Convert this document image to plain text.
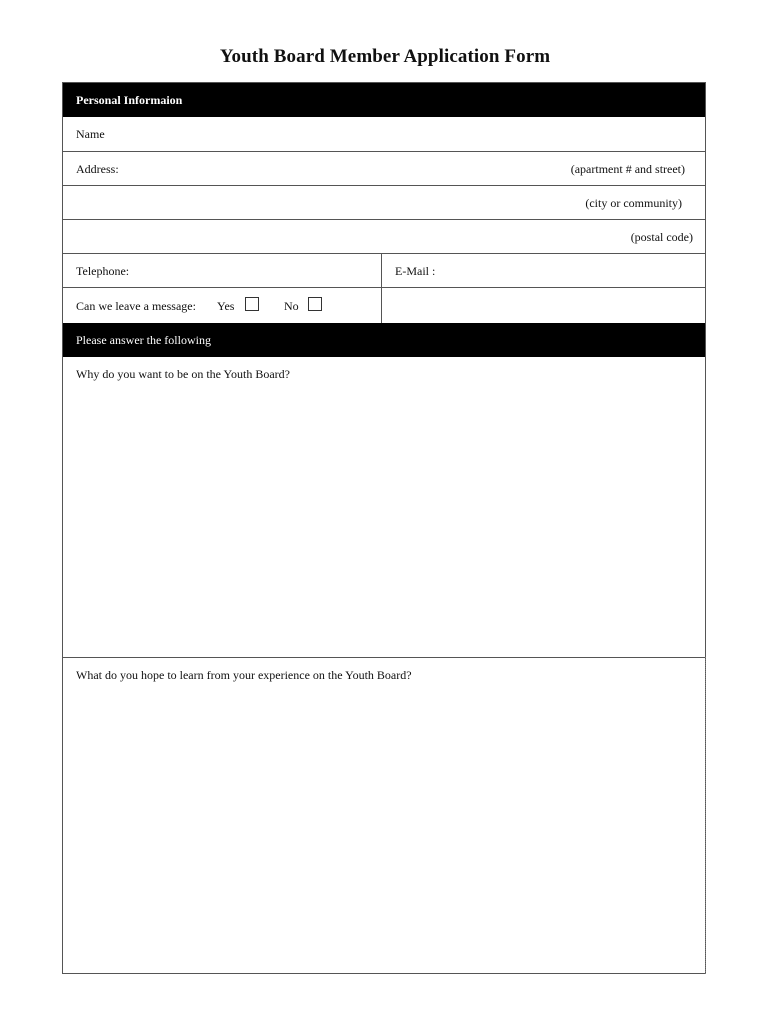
Youth Board Member Application Form
Personal Informaion
Name
Address:	(apartment # and street)
(city or community)
(postal code)
Telephone:	E-Mail :
Can we leave a message: Yes	No
Please answer the following
Why do you want to be on the Youth Board?
What do you hope to learn from your experience on the Youth Board?
